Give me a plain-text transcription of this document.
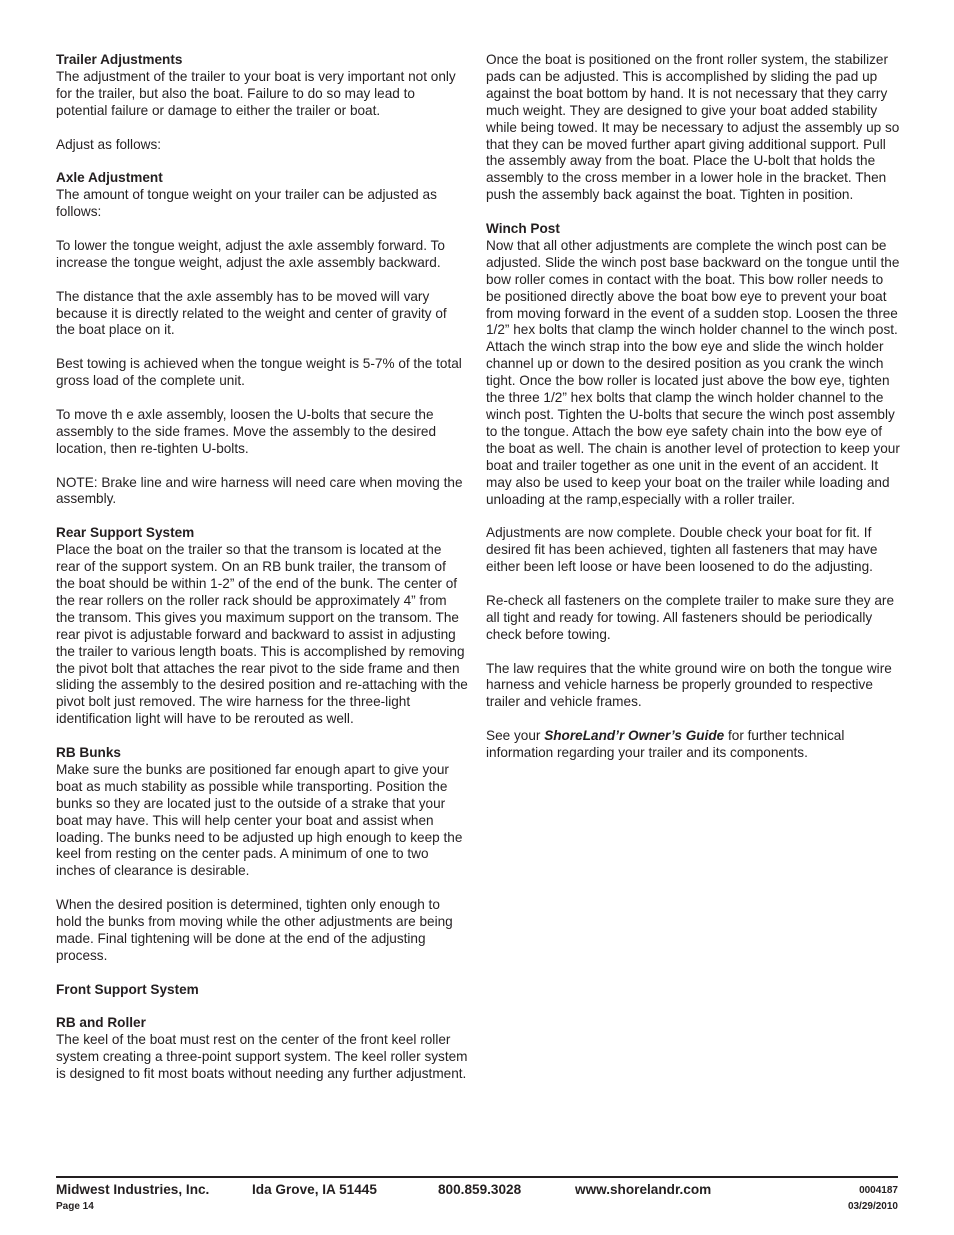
Trailer Adjustments
The adjustment of the trailer to your boat is very important not only for the trailer, but also the boat. Failure to do so may lead to potential failure or damage to either the trailer or boat.
Adjust as follows:
Axle Adjustment
The amount of tongue weight on your trailer can be adjusted as follows:
To lower the tongue weight, adjust the axle assembly forward. To increase the tongue weight, adjust the axle assembly backward.
The distance that the axle assembly has to be moved will vary because it is directly related to the weight and center of gravity of the boat place on it.
Best towing is achieved when the tongue weight is 5-7% of the total gross load of the complete unit.
To move th e axle assembly, loosen the U-bolts that secure the assembly to the side frames. Move the assembly to the desired location, then re-tighten U-bolts.
NOTE: Brake line and wire harness will need care when moving the assembly.
Rear Support System
Place the boat on the trailer so that the transom is located at the rear of the support system. On an RB bunk trailer, the transom of the boat should be within 1-2” of the end of the bunk. The center of the rear rollers on the roller rack should be approximately 4” from the transom. This gives you maximum support on the transom. The rear pivot is adjustable forward and backward to assist in adjusting the trailer to various length boats. This is accomplished by removing the pivot bolt that attaches the rear pivot to the side frame and then sliding the assembly to the desired position and re-attaching with the pivot bolt just removed. The wire harness for the three-light identification light will have to be rerouted as well.
RB Bunks
Make sure the bunks are positioned far enough apart to give your boat as much stability as possible while transporting. Position the bunks so they are located just to the outside of a strake that your boat may have. This will help center your boat and assist when loading. The bunks need to be adjusted up high enough to keep the keel from resting on the center pads. A minimum of one to two inches of clearance is desirable.
When the desired position is determined, tighten only enough to hold the bunks from moving while the other adjustments are being made. Final tightening will be done at the end of the adjusting process.
Front Support System
RB and Roller
The keel of the boat must rest on the center of the front keel roller system creating a three-point support system. The keel roller system is designed to fit most boats without needing any further adjustment.
Once the boat is positioned on the front roller system, the stabilizer pads can be adjusted. This is accomplished by sliding the pad up against the boat bottom by hand. It is not necessary that they carry much weight. They are designed to give your boat added stability while being towed. It may be necessary to adjust the assembly up so that they can be moved further apart giving additional support. Pull the assembly away from the boat. Place the U-bolt that holds the assembly to the cross member in a lower hole in the bracket. Then push the assembly back against the boat. Tighten in position.
Winch Post
Now that all other adjustments are complete the winch post can be adjusted. Slide the winch post base backward on the tongue until the bow roller comes in contact with the boat. This bow roller needs to be positioned directly above the boat bow eye to prevent your boat from moving forward in the event of a sudden stop. Loosen the three 1/2” hex bolts that clamp the winch holder channel to the winch post. Attach the winch strap into the bow eye and slide the winch holder channel up or down to the desired position as you crank the winch tight. Once the bow roller is located just above the bow eye, tighten the three 1/2” hex bolts that clamp the winch holder channel to the winch post. Tighten the U-bolts that secure the winch post assembly to the tongue. Attach the bow eye safety chain into the bow eye of the boat as well. The chain is another level of protection to keep your boat and trailer together as one unit in the event of an accident. It may also be used to keep your boat on the trailer while loading and unloading at the ramp,especially with a roller trailer.
Adjustments are now complete. Double check your boat for fit. If desired fit has been achieved, tighten all fasteners that may have either been left loose or have been loosened to do the adjusting.
Re-check all fasteners on the complete trailer to make sure they are all tight and ready for towing. All fasteners should be periodically check before towing.
The law requires that the white ground wire on both the tongue wire harness and vehicle harness be properly grounded to respective trailer and vehicle frames.
See your ShoreLand’r Owner’s Guide for further technical information regarding your trailer and its components.
Midwest Industries, Inc.	Ida Grove, IA 51445	800.859.3028	www.shorelandr.com	0004187
Page 14	03/29/2010
